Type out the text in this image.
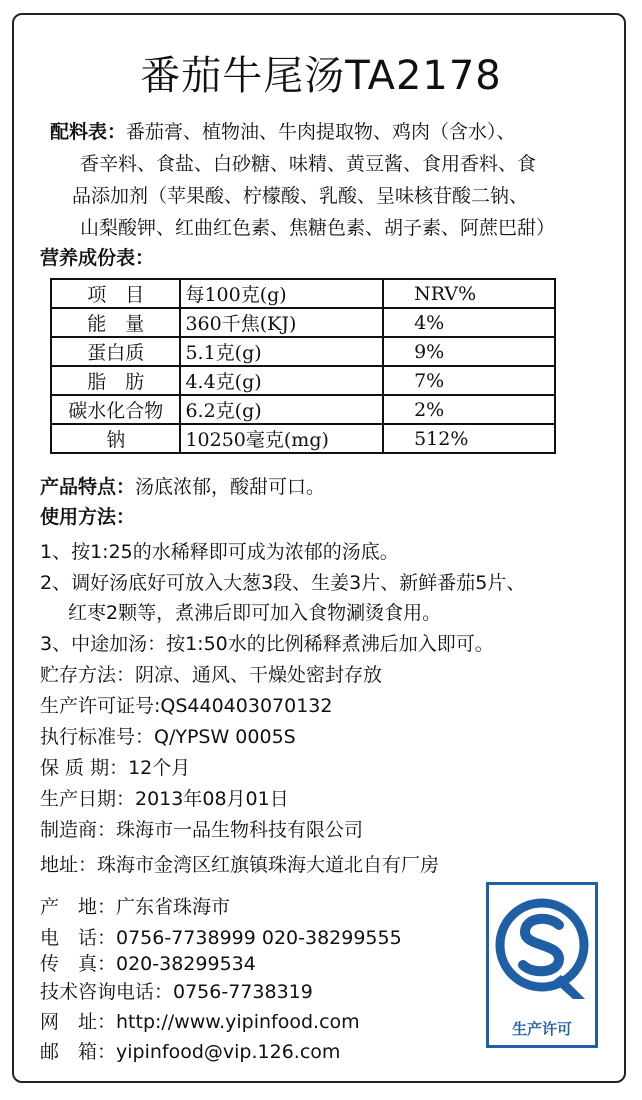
番茄牛尾汤TA2178
配料表：番茄膏、植物油、牛肉提取物、鸡肉（含水）、
香辛料、食盐、白砂糖、味精、黄豆酱、食用香料、食
品添加剂（苹果酸、柠檬酸、乳酸、呈味核苷酸二钠、
山梨酸钾、红曲红色素、焦糖色素、胡子素、阿蔗巴甜）
营养成份表：
项　目	每100克(g)	NRV%
能　量	360千焦(KJ)	4%
蛋白质	5.1克(g)	9%
脂　肪	4.4克(g)	7%
碳水化合物	6.2克(g)	2%
钠	10250毫克(mg)	512%
产品特点：汤底浓郁，酸甜可口。
使用方法：
1、按1:25的水稀释即可成为浓郁的汤底。
2、调好汤底好可放入大葱3段、生姜3片、新鲜番茄5片、
红枣2颗等，煮沸后即可加入食物涮烫食用。
3、中途加汤：按1:50水的比例稀释煮沸后加入即可。
贮存方法：阴凉、通风、干燥处密封存放
生产许可证号:QS440403070132
执行标准号：Q/YPSW 0005S
保 质 期：12个月
生产日期：2013年08月01日
制造商：珠海市一品生物科技有限公司
地址：珠海市金湾区红旗镇珠海大道北自有厂房
产　地：广东省珠海市
电　话：0756-7738999 020-38299555
传　真：020-38299534
技术咨询电话：0756-7738319
网　址：http://www.yipinfood.com
邮　箱：yipinfood@vip.126.com
生产许可
